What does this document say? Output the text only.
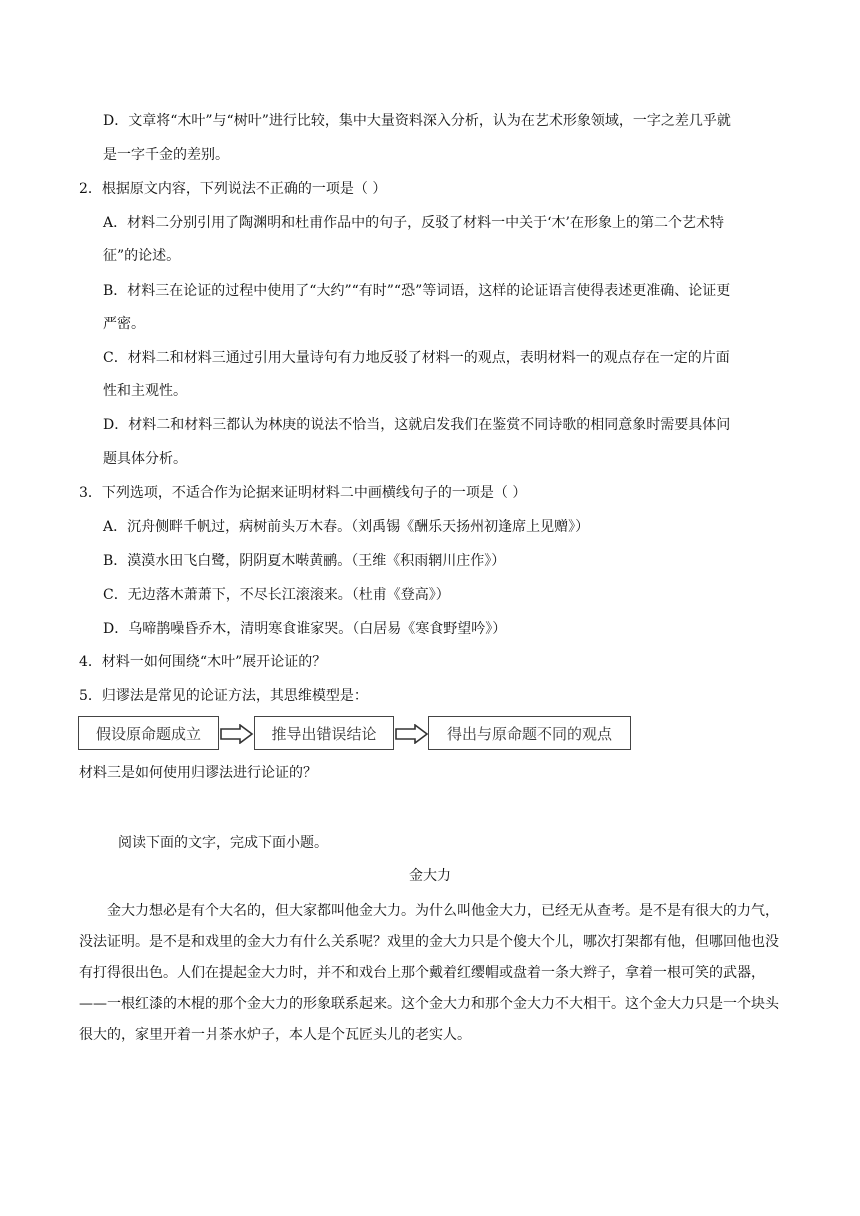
D．文章将“木叶”与“树叶”进行比较，集中大量资料深入分析，认为在艺术形象领域，一字之差几乎就
是一字千金的差别。
2．根据原文内容，下列说法不正确的一项是（ ）
A．材料二分别引用了陶渊明和杜甫作品中的句子，反驳了材料一中关于‘木’在形象上的第二个艺术特
征”的论述。
B．材料三在论证的过程中使用了“大约”“有时”“恐”等词语，这样的论证语言使得表述更准确、论证更
严密。
C．材料二和材料三通过引用大量诗句有力地反驳了材料一的观点，表明材料一的观点存在一定的片面
性和主观性。
D．材料二和材料三都认为林庚的说法不恰当，这就启发我们在鉴赏不同诗歌的相同意象时需要具体问
题具体分析。
3．下列选项，不适合作为论据来证明材料二中画横线句子的一项是（ ）
A．沉舟侧畔千帆过，病树前头万木春。（刘禹锡《酬乐天扬州初逢席上见赠》）
B．漠漠水田飞白鹭，阴阴夏木啭黄鹂。（王维《积雨辋川庄作》）
C．无边落木萧萧下，不尽长江滚滚来。（杜甫《登高》）
D．乌啼鹊噪昏乔木，清明寒食谁家哭。（白居易《寒食野望吟》）
4．材料一如何围绕“木叶”展开论证的？
5．归谬法是常见的论证方法，其思维模型是：
假设原命题成立	推导出错误结论	得出与原命题不同的观点
材料三是如何使用归谬法进行论证的？
阅读下面的文字，完成下面小题。
金大力
金大力想必是有个大名的，但大家都叫他金大力。为什么叫他金大力，已经无从查考。是不是有很大的力气，没法证明。是不是和戏里的金大力有什么关系呢？戏里的金大力只是个傻大个儿，哪次打架都有他，但哪回他也没有打得很出色。人们在提起金大力时，并不和戏台上那个戴着红缨帽或盘着一条大辫子，拿着一根可笑的武器，——一根红漆的木棍的那个金大力的形象联系起来。这个金大力和那个金大力不大相干。这个金大力只是一个块头很大的，家里开着一爿茶水炉子，本人是个瓦匠头儿的老实人。
